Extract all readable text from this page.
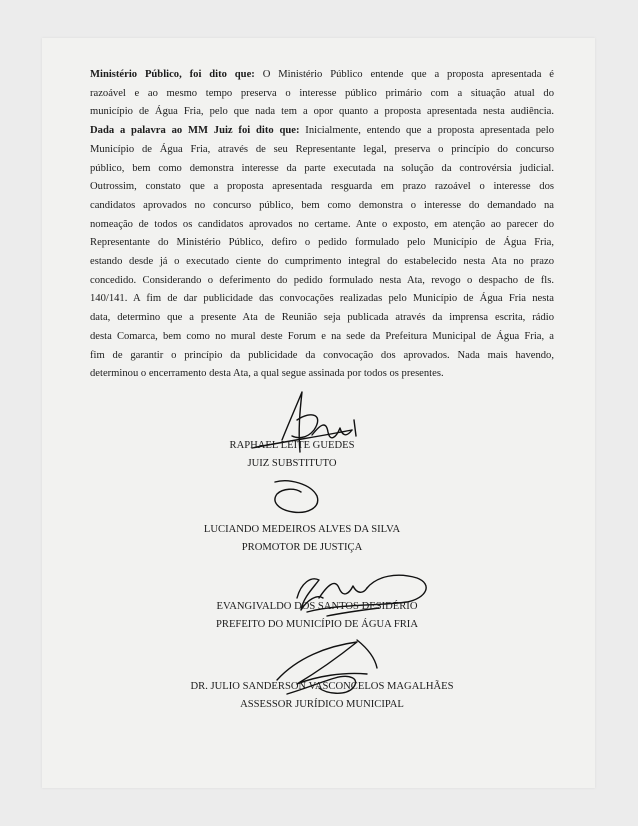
Ministério Público, foi dito que: O Ministério Público entende que a proposta apresentada é
razoável e ao mesmo tempo preserva o interesse público primário com a situação atual do
município de Água Fria, pelo que nada tem a opor quanto a proposta apresentada nesta audiência.
Dada a palavra ao MM Juiz foi dito que: Inicialmente, entendo que a proposta apresentada pelo
Município de Água Fria, através de seu Representante legal, preserva o princípio do concurso
público, bem como demonstra interesse da parte executada na solução da controvérsia judicial.
Outrossim, constato que a proposta apresentada resguarda em prazo razoável o interesse dos
candidatos aprovados no concurso público, bem como demonstra o interesse do demandado na
nomeação de todos os candidatos aprovados no certame. Ante o exposto, em atenção ao parecer do
Representante do Ministério Público, defiro o pedido formulado pelo Município de Água Fria,
estando desde já o executado ciente do cumprimento integral do estabelecido nesta Ata no prazo
concedido. Considerando o deferimento do pedido formulado nesta Ata, revogo o despacho de fls.
140/141. A fim de dar publicidade das convocações realizadas pelo Município de Água Fria nesta
data, determino que a presente Ata de Reunião seja publicada através da imprensa escrita, rádio
desta Comarca, bem como no mural deste Forum e na sede da Prefeitura Municipal de Água Fria, a
fim de garantir o princípio da publicidade da convocação dos aprovados. Nada mais havendo,
determinou o encerramento desta Ata, a qual segue assinada por todos os presentes.
RAPHAEL LEITE GUEDES
JUIZ SUBSTITUTO
LUCIANDO MEDEIROS ALVES DA SILVA
PROMOTOR DE JUSTIÇA
EVANGIVALDO DOS SANTOS DESIDÉRIO
PREFEITO DO MUNICÍPIO DE ÁGUA FRIA
DR. JULIO SANDERSON VASCONCELOS MAGALHÃES
ASSESSOR JURÍDICO MUNICIPAL
